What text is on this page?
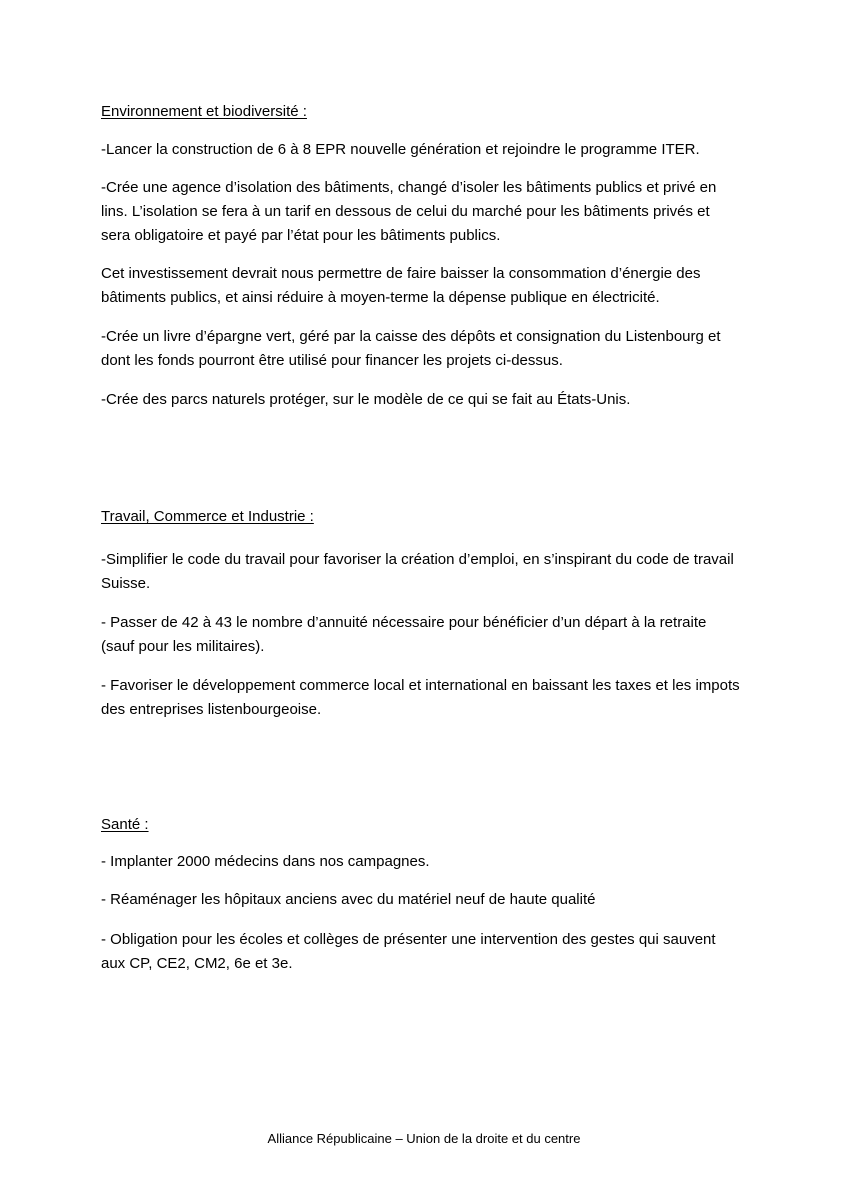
Environnement et biodiversité :

-Lancer la construction de 6 à 8 EPR nouvelle génération et rejoindre le programme ITER.

-Crée une agence d’isolation des bâtiments, changé d’isoler les bâtiments publics et privé en lins. L’isolation se fera à un tarif en dessous de celui du marché pour les bâtiments privés et sera obligatoire et payé par l’état pour les bâtiments publics.

Cet investissement devrait nous permettre de faire baisser la consommation d’énergie des bâtiments publics, et ainsi réduire à moyen-terme la dépense publique en électricité.

-Crée un livre d’épargne vert, géré par la caisse des dépôts et consignation du Listenbourg et dont les fonds pourront être utilisé pour financer les projets ci-dessus.

-Crée des parcs naturels protéger, sur le modèle de ce qui se fait au États-Unis.

Travail, Commerce et Industrie :

-Simplifier le code du travail pour favoriser la création d’emploi, en s’inspirant du code de travail Suisse.

- Passer de 42 à 43 le nombre d’annuité nécessaire pour bénéficier d’un départ à la retraite (sauf pour les militaires).

- Favoriser le développement commerce local et international en baissant les taxes et les impots des entreprises listenbourgeoise.

Santé :

- Implanter 2000 médecins dans nos campagnes.

- Réaménager les hôpitaux anciens avec du matériel neuf de haute qualité

- Obligation pour les écoles et collèges de présenter une intervention des gestes qui sauvent aux CP, CE2, CM2, 6e et 3e.

Alliance Républicaine – Union de la droite et du centre
